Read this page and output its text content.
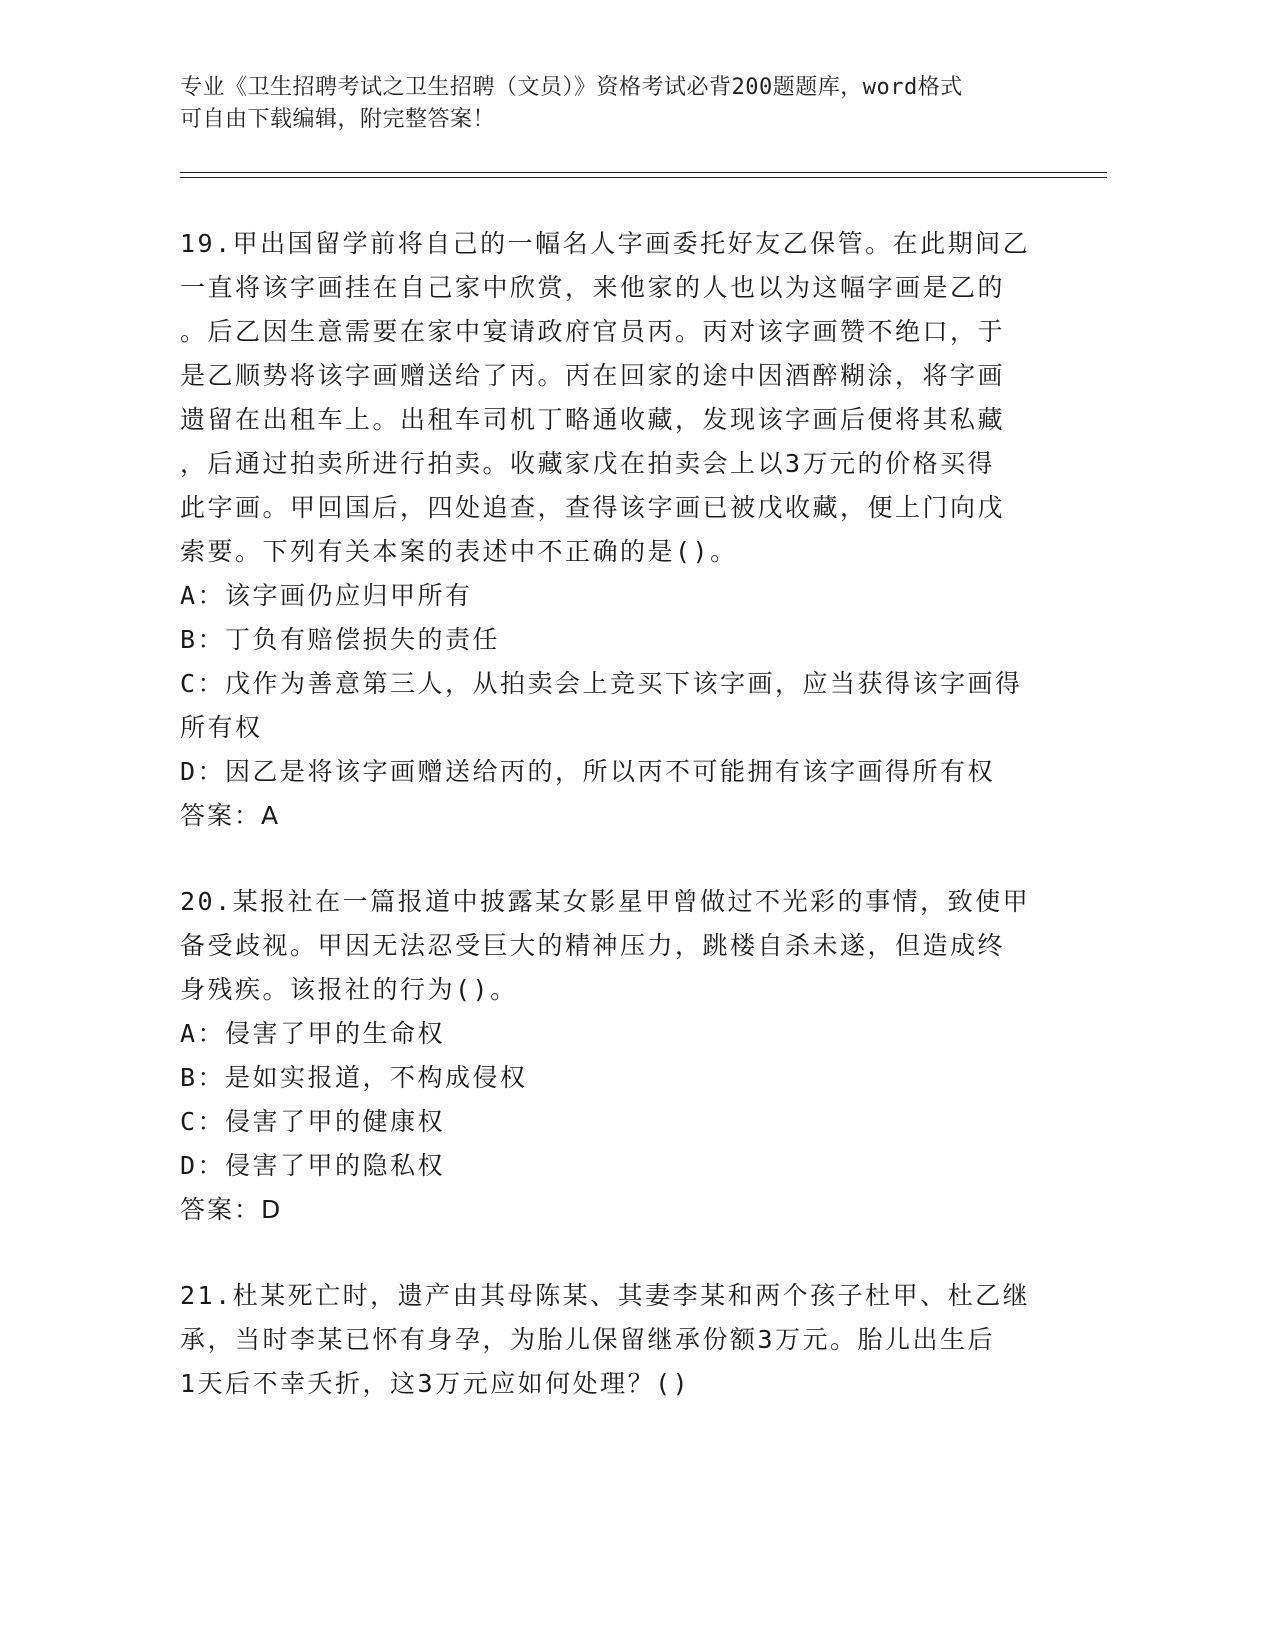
专业《卫生招聘考试之卫生招聘（文员）》资格考试必背200题题库，word格式
可自由下载编辑，附完整答案！
19.甲出国留学前将自己的一幅名人字画委托好友乙保管。在此期间乙
一直将该字画挂在自己家中欣赏，来他家的人也以为这幅字画是乙的
。后乙因生意需要在家中宴请政府官员丙。丙对该字画赞不绝口，于
是乙顺势将该字画赠送给了丙。丙在回家的途中因酒醉糊涂，将字画
遗留在出租车上。出租车司机丁略通收藏，发现该字画后便将其私藏
，后通过拍卖所进行拍卖。收藏家戊在拍卖会上以3万元的价格买得
此字画。甲回国后，四处追查，查得该字画已被戊收藏，便上门向戊
索要。下列有关本案的表述中不正确的是()。
A：该字画仍应归甲所有
B：丁负有赔偿损失的责任
C：戊作为善意第三人，从拍卖会上竞买下该字画，应当获得该字画得
所有权
D：因乙是将该字画赠送给丙的，所以丙不可能拥有该字画得所有权
答案：A
20.某报社在一篇报道中披露某女影星甲曾做过不光彩的事情，致使甲
备受歧视。甲因无法忍受巨大的精神压力，跳楼自杀未遂，但造成终
身残疾。该报社的行为()。
A：侵害了甲的生命权
B：是如实报道，不构成侵权
C：侵害了甲的健康权
D：侵害了甲的隐私权
答案：D
21.杜某死亡时，遗产由其母陈某、其妻李某和两个孩子杜甲、杜乙继
承，当时李某已怀有身孕，为胎儿保留继承份额3万元。胎儿出生后
1天后不幸夭折，这3万元应如何处理？()
